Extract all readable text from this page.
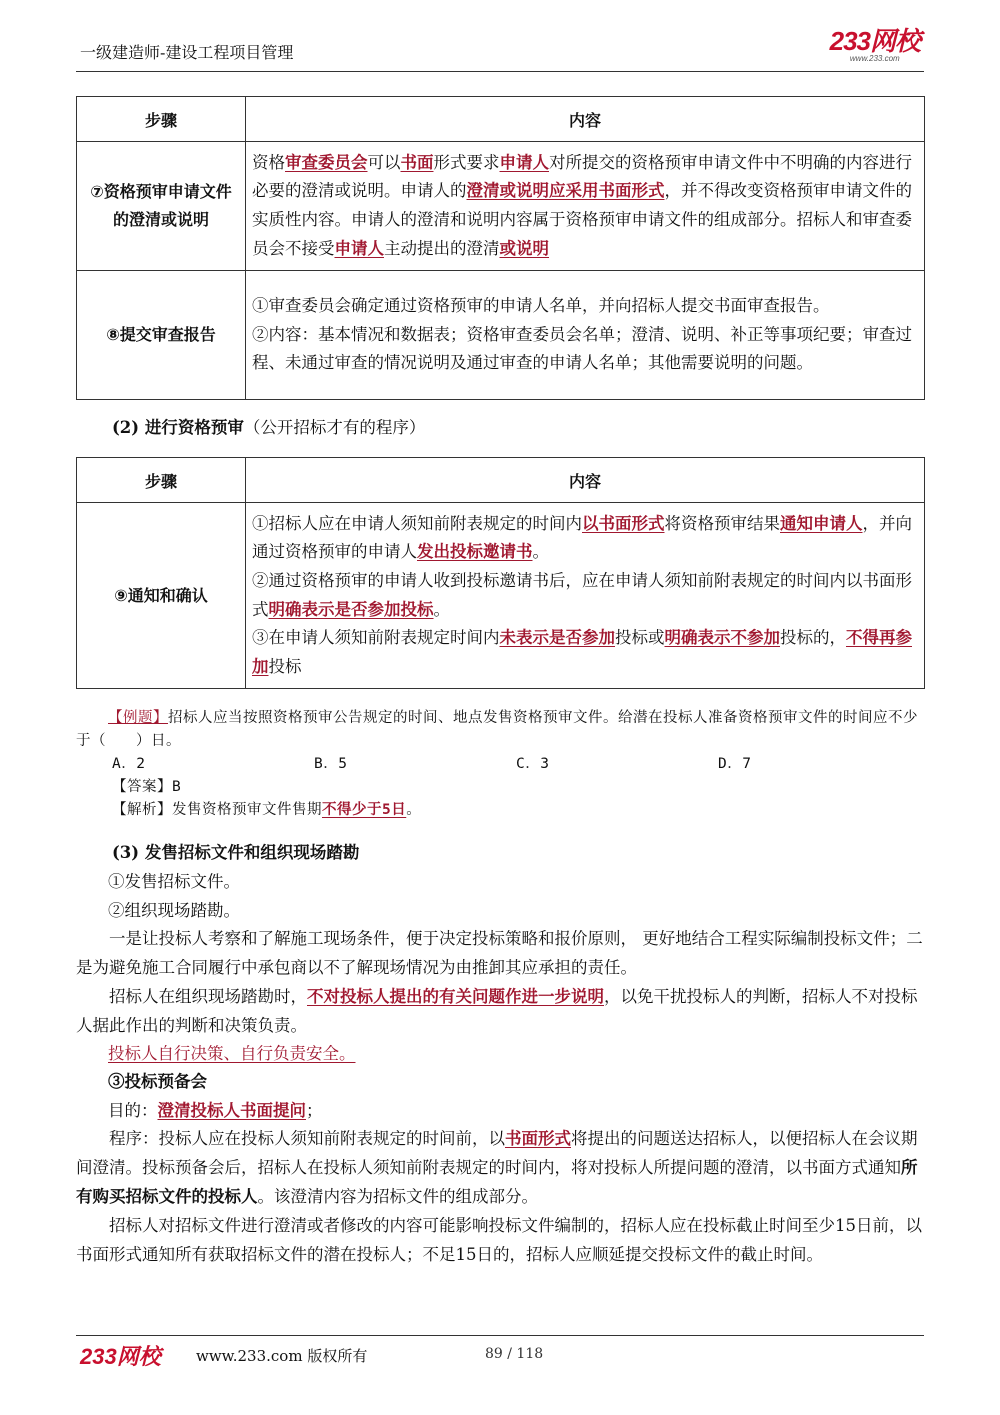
一级建造师-建设工程项目管理	233网校
www.233.com
步骤	内容

⑦资格预审申请文件的澄清或说明	资格审查委员会可以书面形式要求申请人对所提交的资格预审申请文件中不明确的内容进行必要的澄清或说明。申请人的澄清或说明应采用书面形式，并不得改变资格预审申请文件的实质性内容。申请人的澄清和说明内容属于资格预审申请文件的组成部分。招标人和审查委员会不接受申请人主动提出的澄清或说明
⑧提交审查报告	①审查委员会确定通过资格预审的申请人名单，并向招标人提交书面审查报告。
②内容：基本情况和数据表；资格审查委员会名单；澄清、说明、补正等事项纪要；审查过程、未通过审查的情况说明及通过审查的申请人名单；其他需要说明的问题。
(2) 进行资格预审（公开招标才有的程序）
步骤	内容
⑨通知和确认	①招标人应在申请人须知前附表规定的时间内以书面形式将资格预审结果通知申请人，并向通过资格预审的申请人发出投标邀请书。
②通过资格预审的申请人收到投标邀请书后，应在申请人须知前附表规定的时间内以书面形式明确表示是否参加投标。
③在申请人须知前附表规定时间内未表示是否参加投标或明确表示不参加投标的，不得再参加投标
【例题】招标人应当按照资格预审公告规定的时间、地点发售资格预审文件。给潜在投标人准备资格预审文件的时间应不少于（　　）日。
A．2	B．5	C．3	D．7
【答案】B
【解析】发售资格预审文件售期不得少于5日。
(3) 发售招标文件和组织现场踏勘
①发售招标文件。
②组织现场踏勘。
一是让投标人考察和了解施工现场条件，便于决定投标策略和报价原则， 更好地结合工程实际编制投标文件；二是为避免施工合同履行中承包商以不了解现场情况为由推卸其应承担的责任。
招标人在组织现场踏勘时，不对投标人提出的有关问题作进一步说明，以免干扰投标人的判断，招标人不对投标人据此作出的判断和决策负责。
投标人自行决策、自行负责安全。
③投标预备会
目的：澄清投标人书面提问；
程序：投标人应在投标人须知前附表规定的时间前，以书面形式将提出的问题送达招标人，以便招标人在会议期间澄清。投标预备会后，招标人在投标人须知前附表规定的时间内，将对投标人所提问题的澄清，以书面方式通知所有购买招标文件的投标人。该澄清内容为招标文件的组成部分。
招标人对招标文件进行澄清或者修改的内容可能影响投标文件编制的，招标人应在投标截止时间至少15日前，以书面形式通知所有获取招标文件的潜在投标人；不足15日的，招标人应顺延提交投标文件的截止时间。
233网校 www.233.com 版权所有	89 / 118
